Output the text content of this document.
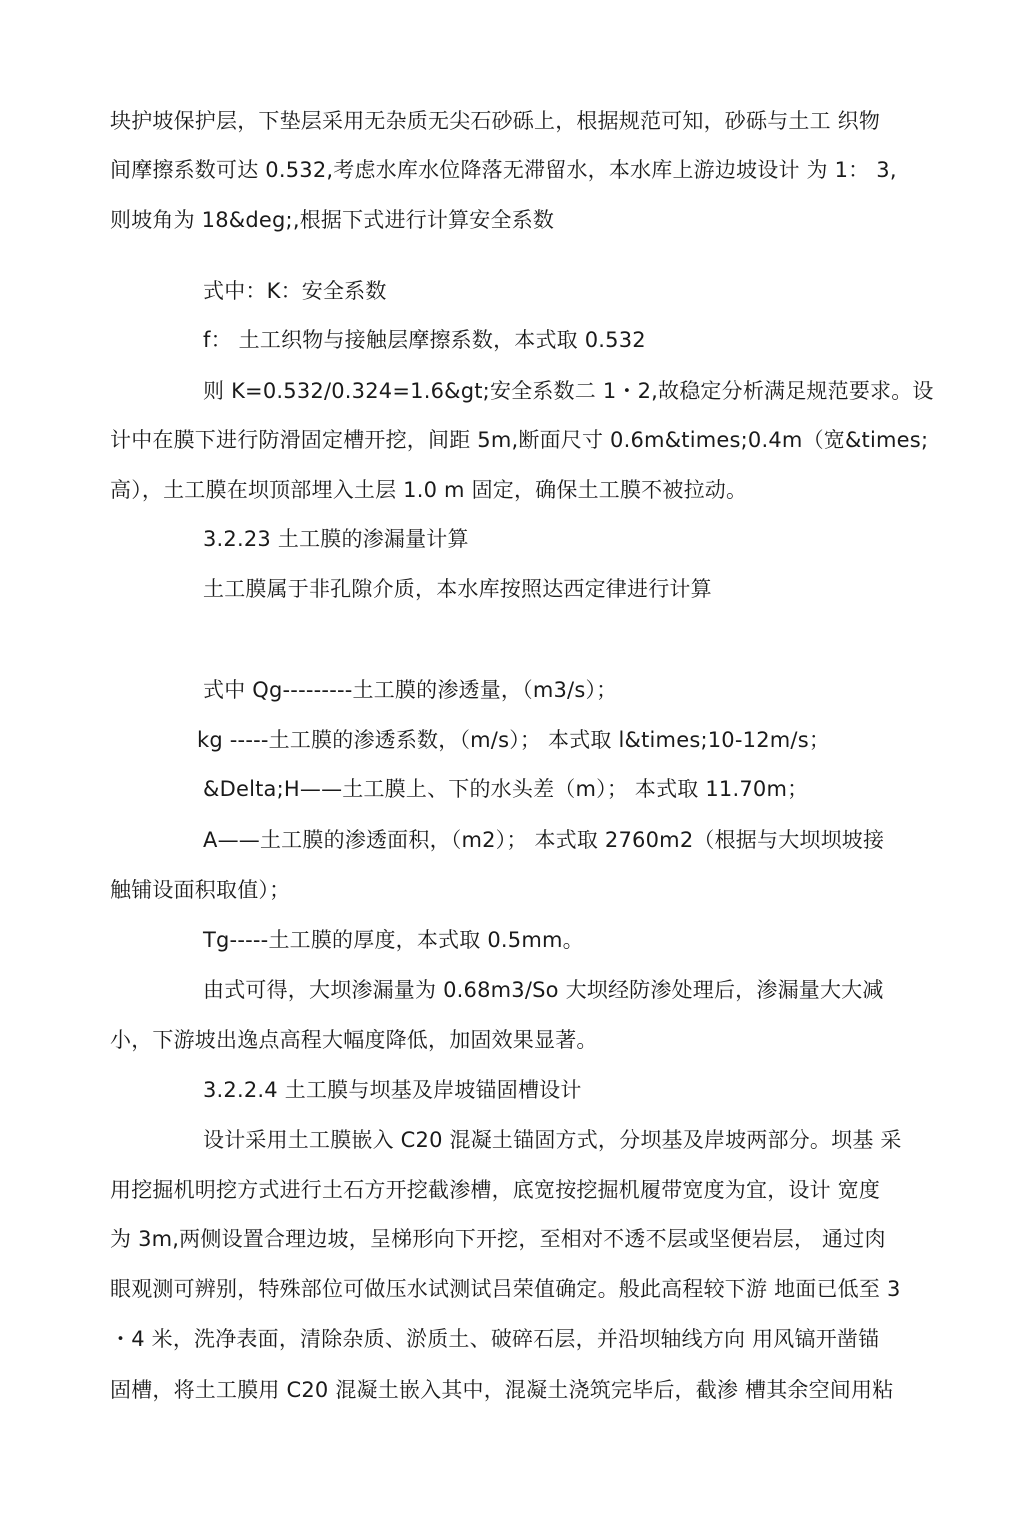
块护坡保护层，下垫层采用无杂质无尖石砂砾上，根据规范可知，砂砾与土工 织物
间摩擦系数可达 0.532,考虑水库水位降落无滞留水，本水库上游边坡设计 为 1： 3,
则坡角为 18&deg;,根据下式进行计算安全系数
式中：K：安全系数
f： 土工织物与接触层摩擦系数，本式取 0.532
则 K=0.532/0.324=1.6&gt;安全系数二 1・2,故稳定分析满足规范要求。设
计中在膜下进行防滑固定槽开挖，间距 5m,断面尺寸 0.6m&times;0.4m（宽&times;
高），土工膜在坝顶部埋入土层 1.0 m 固定，确保土工膜不被拉动。
3.2.23 土工膜的渗漏量计算
土工膜属于非孔隙介质，本水库按照达西定律进行计算
式中 Qg---------土工膜的渗透量，（m3/s）；
kg -----土工膜的渗透系数，（m/s）； 本式取 l&times;10-12m/s；
&Delta;H——土工膜上、下的水头差（m）； 本式取 11.70m；
A——土工膜的渗透面积，（m2）； 本式取 2760m2（根据与大坝坝坡接
触铺设面积取值）；
Tg-----土工膜的厚度，本式取 0.5mm。
由式可得，大坝渗漏量为 0.68m3/So 大坝经防渗处理后，渗漏量大大减
小，下游坡出逸点高程大幅度降低，加固效果显著。
3.2.2.4 土工膜与坝基及岸坡锚固槽设计
设计采用土工膜嵌入 C20 混凝土锚固方式，分坝基及岸坡两部分。坝基 采
用挖掘机明挖方式进行土石方开挖截渗槽，底宽按挖掘机履带宽度为宜，设计 宽度
为 3m,两侧设置合理边坡，呈梯形向下开挖，至相对不透不层或坚便岩层， 通过肉
眼观测可辨别，特殊部位可做压水试测试吕荣值确定。般此高程较下游 地面已低至 3
・4 米，洗净表面，清除杂质、淤质土、破碎石层，并沿坝轴线方向 用风镐开凿锚
固槽，将土工膜用 C20 混凝土嵌入其中，混凝土浇筑完毕后，截渗 槽其余空间用粘
